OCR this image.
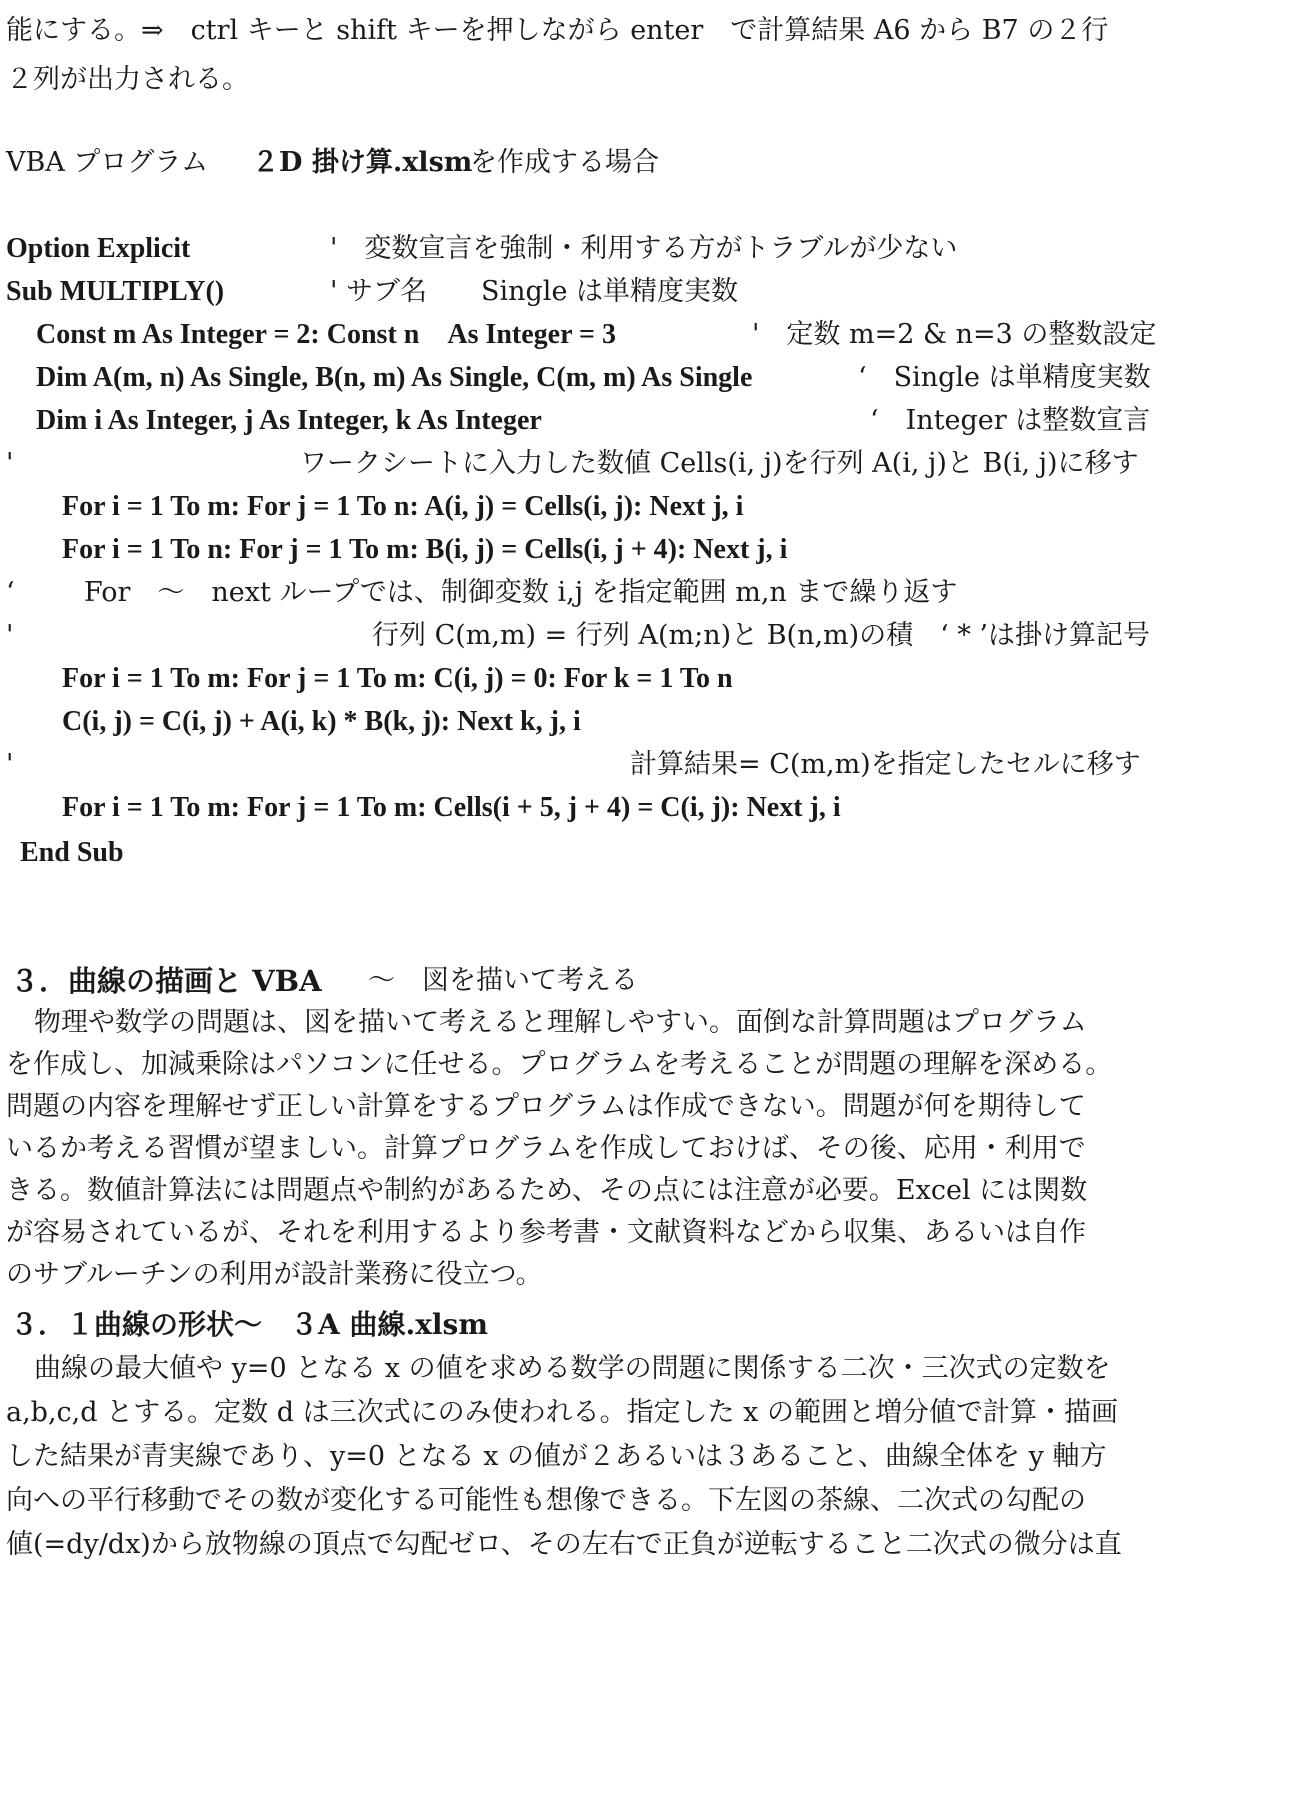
能にする。⇒　ctrl キーと shift キーを押しながら enter　で計算結果 A6 から B7 の２行
２列が出力される。
VBA プログラム ２D 掛け算.xlsm
を作成する場合
Option Explicit	'　変数宣言を強制・利用する方がトラブルが少ない
Sub MULTIPLY()	' サブ名　　Single は単精度実数
Const m As Integer = 2: Const n　As Integer = 3	'　定数 m=2 & n=3 の整数設定
Dim A(m, n) As Single, B(n, m) As Single, C(m, m) As Single	‘　Single は単精度実数
Dim i As Integer, j As Integer, k As Integer	‘　Integer は整数宣言
'	ワークシートに入力した数値 Cells(i, j)を行列 A(i, j)と B(i, j)に移す
For i = 1 To m: For j = 1 To n: A(i, j) = Cells(i, j): Next j, i
For i = 1 To n: For j = 1 To m: B(i, j) = Cells(i, j + 4): Next j, i
‘	For　～　next ループでは、制御変数 i,j を指定範囲 m,n まで繰り返す
'	行列 C(m,m) = 行列 A(m;n)と B(n,m)の積　‘ * ’は掛け算記号
For i = 1 To m: For j = 1 To m: C(i, j) = 0: For k = 1 To n
C(i, j) = C(i, j) + A(i, k) * B(k, j): Next k, j, i
'	計算結果= C(m,m)を指定したセルに移す
For i = 1 To m: For j = 1 To m: Cells(i + 5, j + 4) = C(i, j): Next j, i
End Sub
３．曲線の描画と VBA ～　図を描いて考える
物理や数学の問題は、図を描いて考えると理解しやすい。面倒な計算問題はプログラム
を作成し、加減乗除はパソコンに任せる。プログラムを考えることが問題の理解を深める。
問題の内容を理解せず正しい計算をするプログラムは作成できない。問題が何を期待して
いるか考える習慣が望ましい。計算プログラムを作成しておけば、その後、応用・利用で
きる。数値計算法には問題点や制約があるため、その点には注意が必要。Excel には関数
が容易されているが、それを利用するより参考書・文献資料などから収集、あるいは自作
のサブルーチンの利用が設計業務に役立つ。
３．１曲線の形状～　３A 曲線.xlsm
曲線の最大値や y=0 となる x の値を求める数学の問題に関係する二次・三次式の定数を
a,b,c,d とする。定数 d は三次式にのみ使われる。指定した x の範囲と増分値で計算・描画
した結果が青実線であり、y=0 となる x の値が２あるいは３あること、曲線全体を y 軸方
向への平行移動でその数が変化する可能性も想像できる。下左図の茶線、二次式の勾配の
値(=dy/dx)から放物線の頂点で勾配ゼロ、その左右で正負が逆転すること二次式の微分は直
